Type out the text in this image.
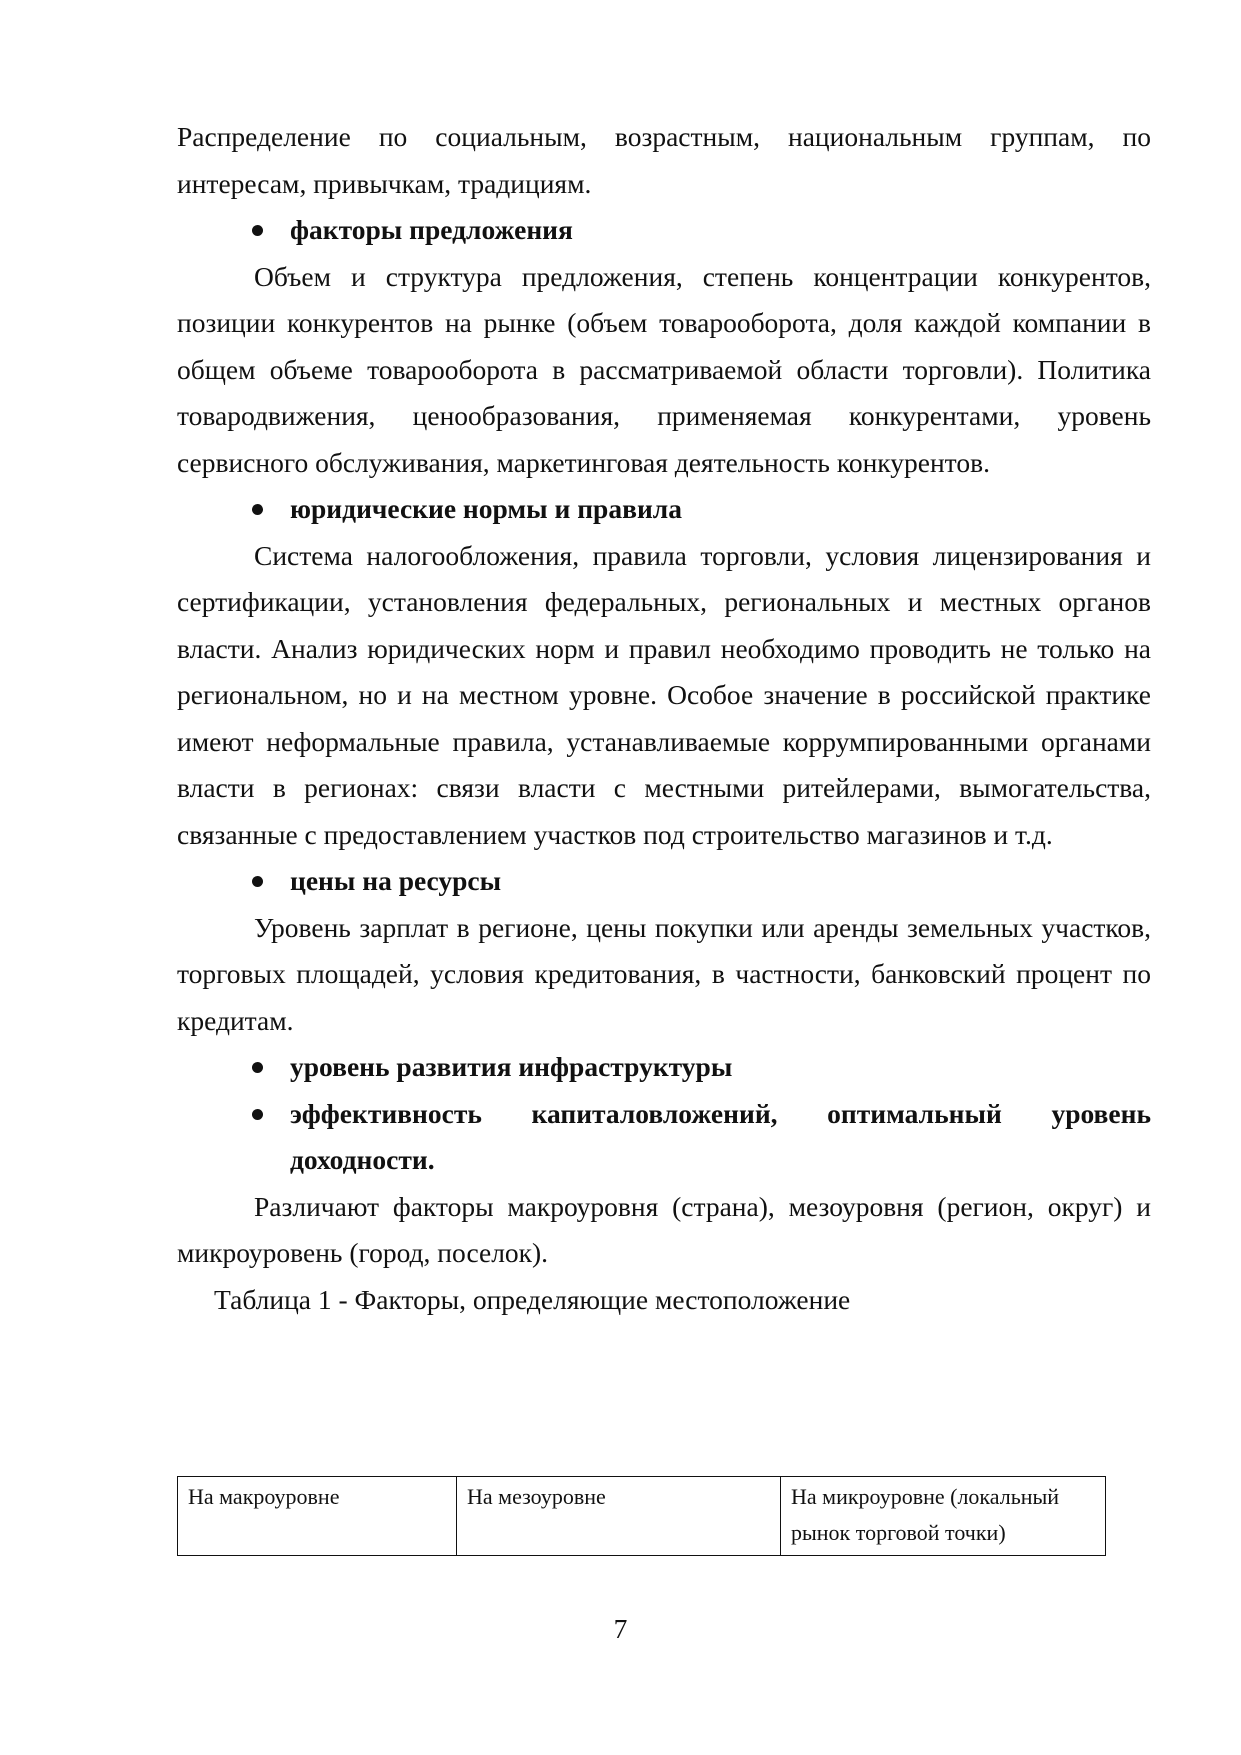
Распределение по социальным, возрастным, национальным группам, по интересам, привычкам, традициям.

факторы предложения

Объем и структура предложения, степень концентрации конкурентов, позиции конкурентов на рынке (объем товарооборота, доля каждой компании в общем объеме товарооборота в рассматриваемой области торговли). Политика товародвижения, ценообразования, применяемая конкурентами, уровень сервисного обслуживания, маркетинговая деятельность конкурентов.

юридические нормы и правила

Система налогообложения, правила торговли, условия лицензирования и сертификации, установления федеральных, региональных и местных органов власти. Анализ юридических норм и правил необходимо проводить не только на региональном, но и на местном уровне. Особое значение в российской практике имеют неформальные правила, устанавливаемые коррумпированными органами власти в регионах: связи власти с местными ритейлерами, вымогательства, связанные с предоставлением участков под строительство магазинов и т.д.

цены на ресурсы

Уровень зарплат в регионе, цены покупки или аренды земельных участков, торговых площадей, условия кредитования, в частности, банковский процент по кредитам.

уровень развития инфраструктуры
эффективность капиталовложений, оптимальный уровень доходности.

Различают факторы макроуровня (страна), мезоуровня (регион, округ) и микроуровень (город, поселок).

Таблица 1 - Факторы, определяющие местоположение
На макроуровне	На мезоуровне	На микроуровне (локальный рынок торговой точки)
7
